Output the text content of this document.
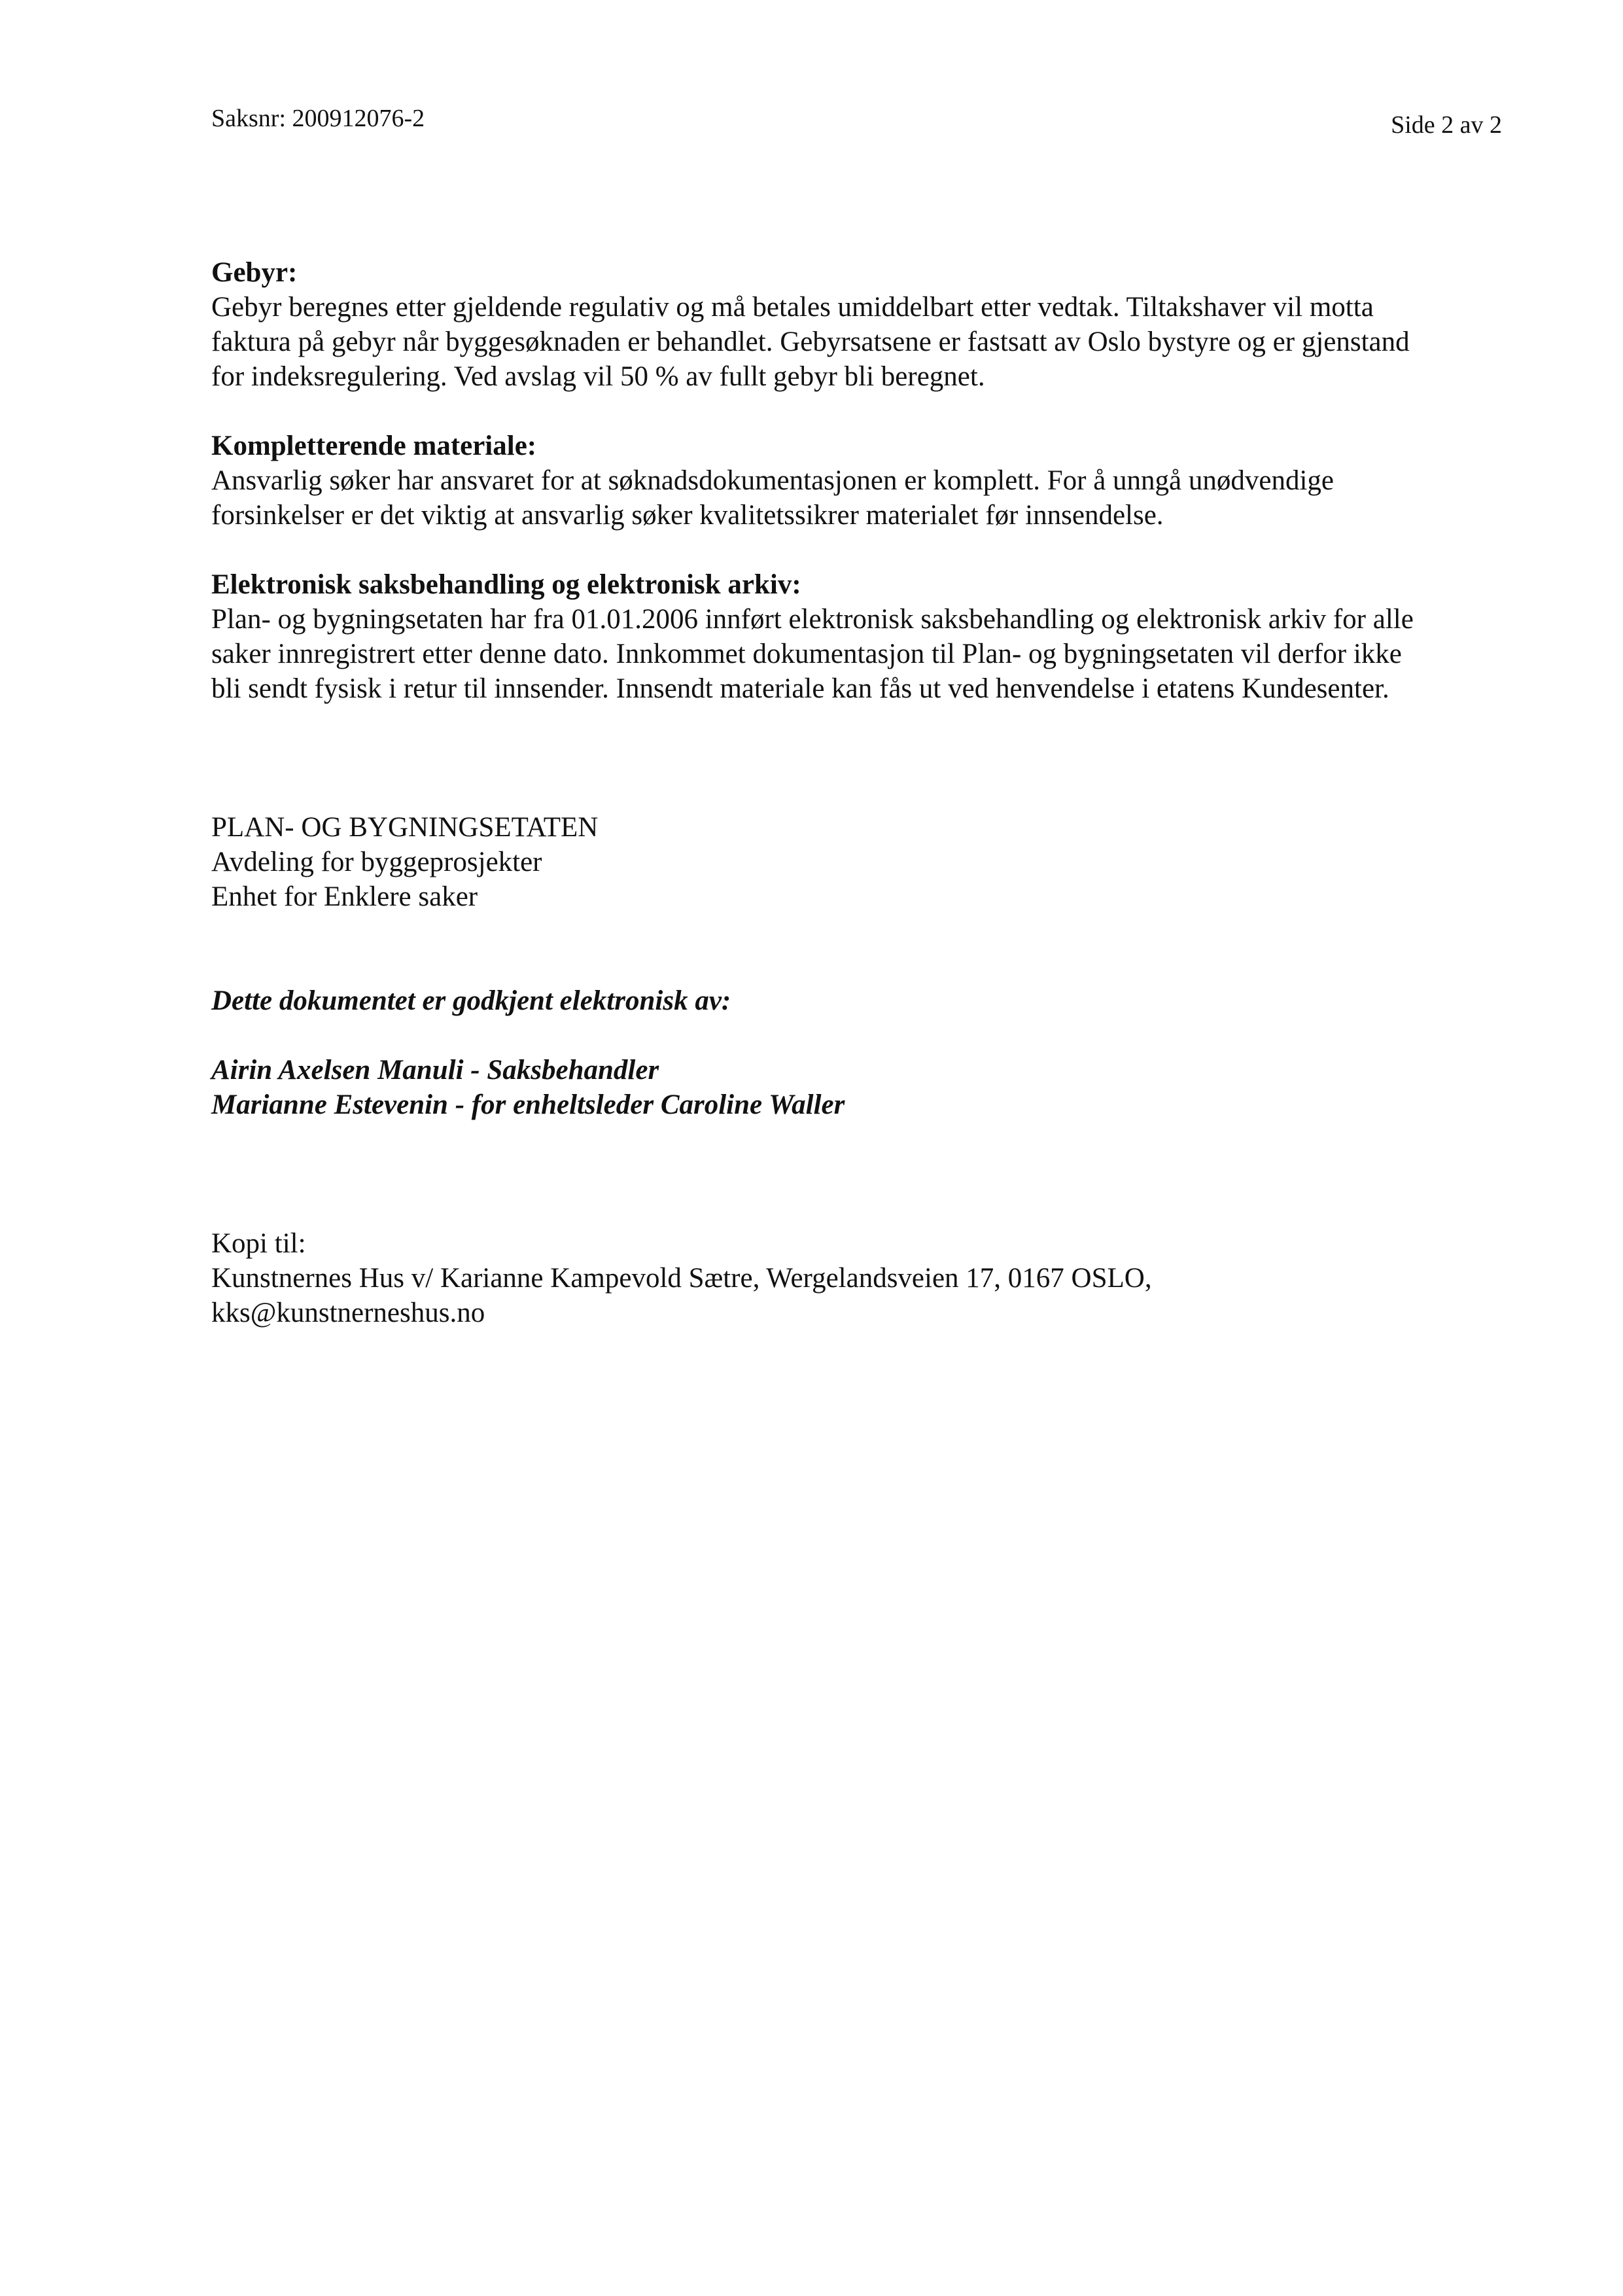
Saksnr: 200912076-2	Side 2 av 2
Gebyr:
Gebyr beregnes etter gjeldende regulativ og må betales umiddelbart etter vedtak. Tiltakshaver vil motta
faktura på gebyr når byggesøknaden er behandlet. Gebyrsatsene er fastsatt av Oslo bystyre og er gjenstand
for indeksregulering. Ved avslag vil 50 % av fullt gebyr bli beregnet.
Kompletterende materiale:
Ansvarlig søker har ansvaret for at søknadsdokumentasjonen er komplett. For å unngå unødvendige
forsinkelser er det viktig at ansvarlig søker kvalitetssikrer materialet før innsendelse.
Elektronisk saksbehandling og elektronisk arkiv:
Plan- og bygningsetaten har fra 01.01.2006 innført elektronisk saksbehandling og elektronisk arkiv for alle
saker innregistrert etter denne dato. Innkommet dokumentasjon til Plan- og bygningsetaten vil derfor ikke
bli sendt fysisk i retur til innsender. Innsendt materiale kan fås ut ved henvendelse i etatens Kundesenter.
PLAN- OG BYGNINGSETATEN
Avdeling for byggeprosjekter
Enhet for Enklere saker
Dette dokumentet er godkjent elektronisk av:
Airin Axelsen Manuli - Saksbehandler
Marianne Estevenin - for enheltsleder Caroline Waller
Kopi til:
Kunstnernes Hus v/ Karianne Kampevold Sætre, Wergelandsveien 17, 0167 OSLO,
kks@kunstnerneshus.no
